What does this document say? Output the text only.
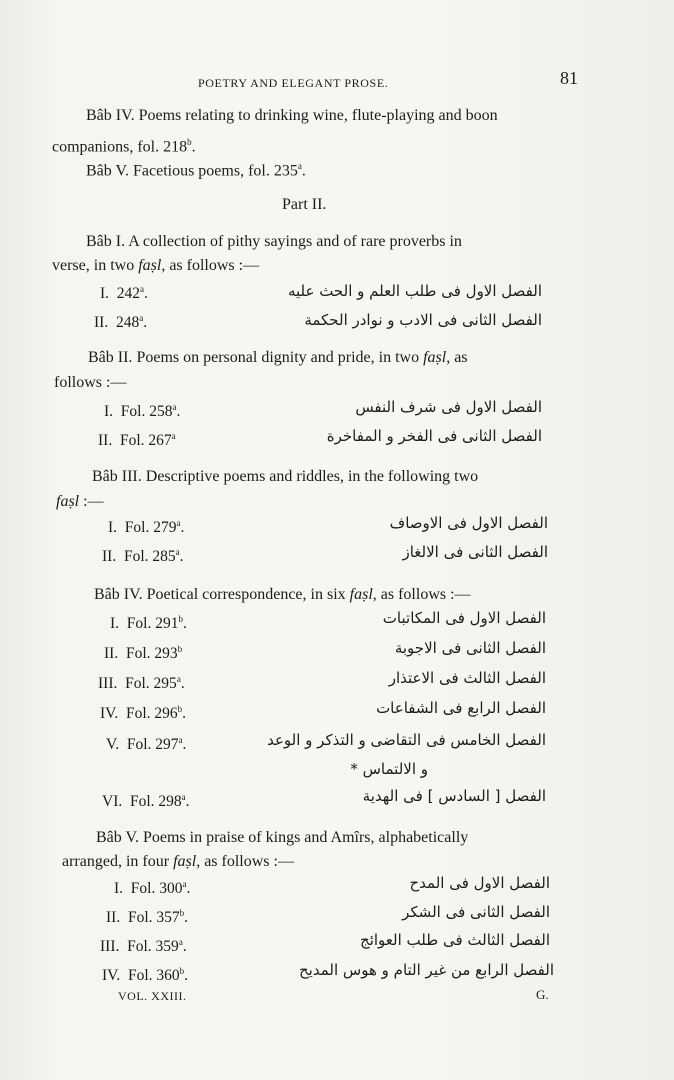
POETRY AND ELEGANT PROSE.	81
Bâb IV. Poems relating to drinking wine, flute-playing and boon
companions, fol. 218$^b$.
Bâb V. Facetious poems, fol. 235$^a$.
Part II.
Bâb I. A collection of pithy sayings and of rare proverbs in
verse, in two faṣl, as follows :—
I. 242$^a$.	الفصل الاول فى طلب العلم و الحث عليه
II. 248$^a$.	الفصل الثانى فى الادب و نوادر الحكمة
Bâb II. Poems on personal dignity and pride, in two faṣl, as
follows :—
I. Fol. 258$^a$.	الفصل الاول فى شرف النفس
II. Fol. 267$^a$	الفصل الثانى فى الفخر و المفاخرة
Bâb III. Descriptive poems and riddles, in the following two
faṣl :—
I. Fol. 279$^a$.	الفصل الاول فى الاوصاف
II. Fol. 285$^a$.	الفصل الثانى فى الالغاز
Bâb IV. Poetical correspondence, in six faṣl, as follows :—
I. Fol. 291$^b$.	الفصل الاول فى المكاتبات
II. Fol. 293$^b$	الفصل الثانى فى الاجوبة
III. Fol. 295$^a$.	الفصل الثالث فى الاعتذار
IV. Fol. 296$^b$.	الفصل الرابع فى الشفاعات
V. Fol. 297$^a$.	الفصل الخامس فى التقاضى و التذكر و الوعد
و الالتماس *
VI. Fol. 298$^a$.	الفصل [ السادس ] فى الهدية
Bâb V. Poems in praise of kings and Amîrs, alphabetically
arranged, in four faṣl, as follows :—
I. Fol. 300$^a$.	الفصل الاول فى المدح
II. Fol. 357$^b$.	الفصل الثانى فى الشكر
III. Fol. 359$^a$.	الفصل الثالث فى طلب العوائج
IV. Fol. 360$^b$.	الفصل الرابع من غير التام و هوس المديح
VOL. XXIII.	G.
